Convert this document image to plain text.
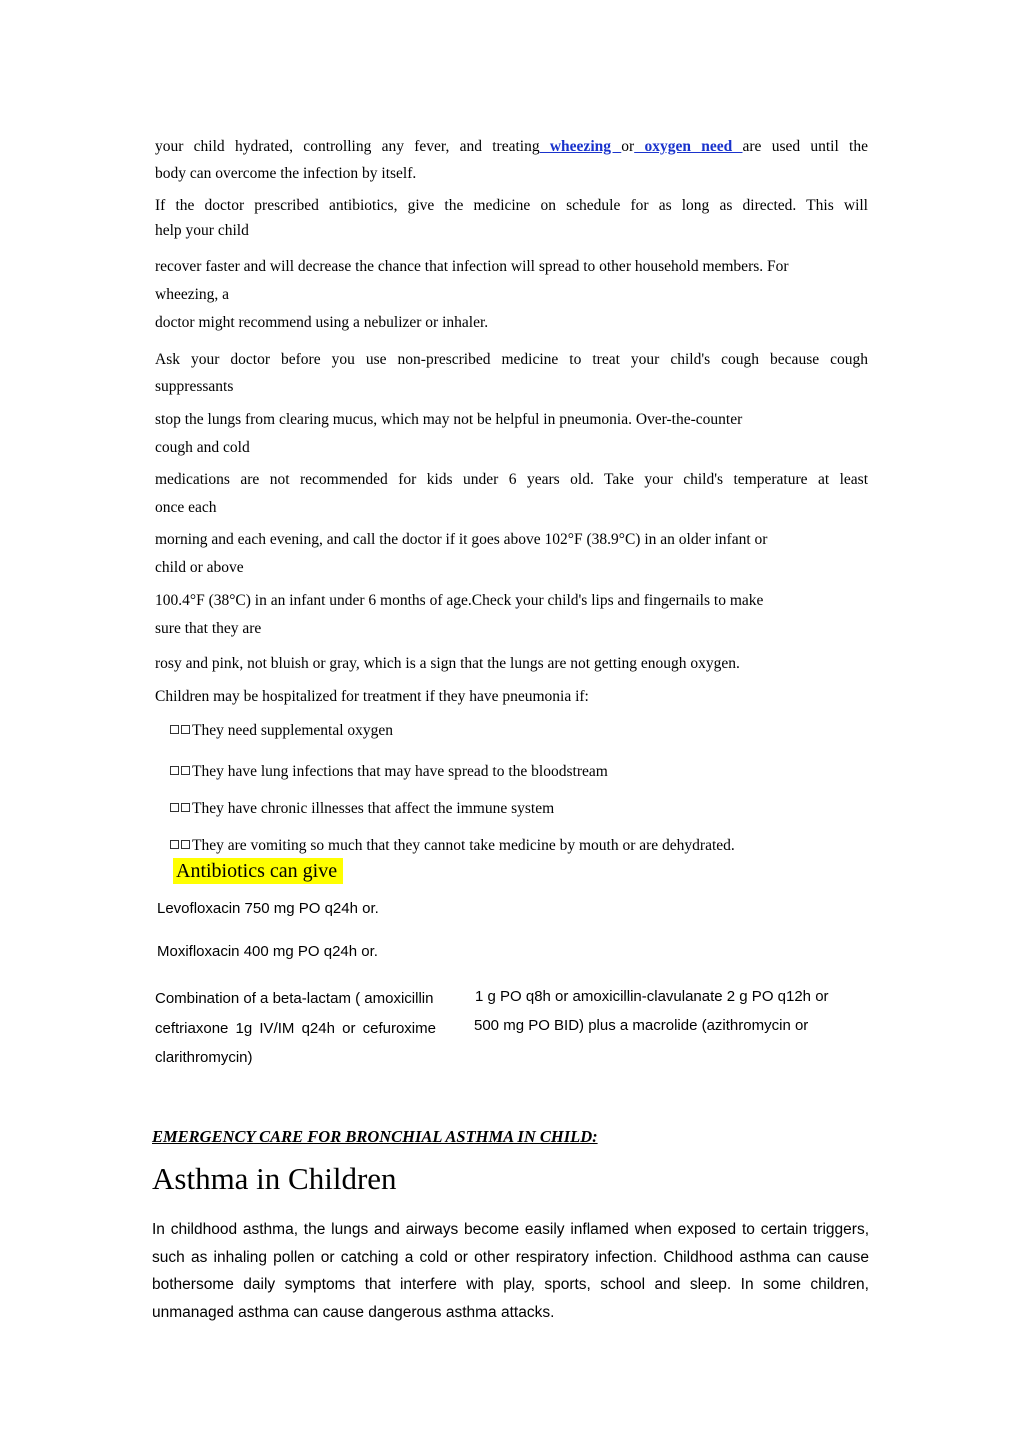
your child hydrated, controlling any fever, and treating wheezing or oxygen need are used until the

body can overcome the infection by itself.

If the doctor prescribed antibiotics, give the medicine on schedule for as long as directed. This will

help your child

recover faster and will decrease the chance that infection will spread to other household members. For

wheezing, a

doctor might recommend using a nebulizer or inhaler.

Ask your doctor before you use non-prescribed medicine to treat your child's cough because cough

suppressants

stop the lungs from clearing mucus, which may not be helpful in pneumonia. Over-the-counter

cough and cold

medications are not recommended for kids under 6 years old. Take your child's temperature at least

once each

morning and each evening, and call the doctor if it goes above 102°F (38.9°C) in an older infant or

child or above

100.4°F (38°C) in an infant under 6 months of age.Check your child's lips and fingernails to make

sure that they are

rosy and pink, not bluish or gray, which is a sign that the lungs are not getting enough oxygen.

Children may be hospitalized for treatment if they have pneumonia if:

They need supplemental oxygen

They have lung infections that may have spread to the bloodstream

They have chronic illnesses that affect the immune system

They are vomiting so much that they cannot take medicine by mouth or are dehydrated.

Antibiotics can give

Levofloxacin 750 mg PO q24h or.

Moxifloxacin 400 mg PO q24h or.

Combination of a beta-lactam ( amoxicillin	1 g PO q8h or amoxicillin-clavulanate 2 g PO q12h or

ceftriaxone 1g IV/IM q24h or cefuroxime	500 mg PO BID) plus a macrolide (azithromycin or

clarithromycin)

EMERGENCY CARE FOR BRONCHIAL ASTHMA IN CHILD:

Asthma in Children

In childhood asthma, the lungs and airways become easily inflamed when exposed to certain triggers, such as inhaling pollen or catching a cold or other respiratory infection. Childhood asthma can cause bothersome daily symptoms that interfere with play, sports, school and sleep. In some children, unmanaged asthma can cause dangerous asthma attacks.
